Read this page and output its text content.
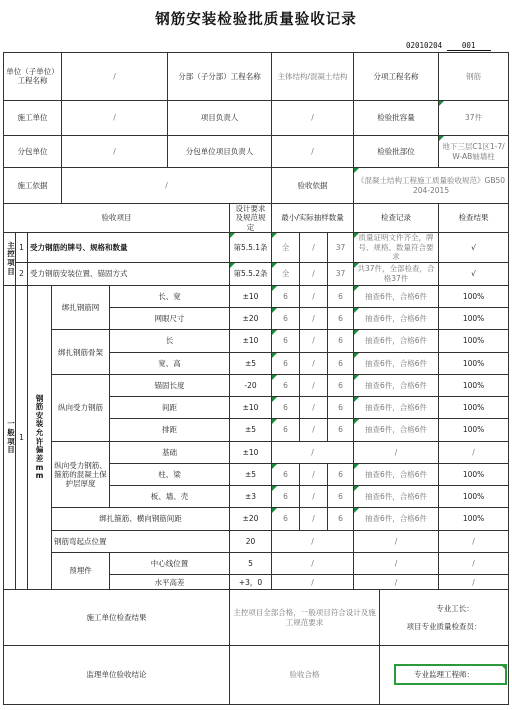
钢筋安装检验批质量验收记录
02010204	001
单位（子单位）工程名称				/		分部（子分部）工程名称		主体结构/混凝土结构			分项工程名称		钢筋
施工单位				/		项目负责人		/			检验批容量		37件
分包单位				/		分包单位项目负责人		/			检验批部位		地下三层C1区1-7/W-AB轴墙柱
施工依据				/				验收依据			《混凝土结构工程施工质量验收规范》GB50204-2015		
验收项目							设计要求及规范规定	最小/实际抽样数量			检查记录		检查结果
主控项目	1	受力钢筋的牌号、规格和数量					第5.5.1条	全	/	37	质量证明文件齐全，牌号、规格、数量符合要求		√
	2	受力钢筋安装位置、锚固方式					第5.5.2条	全	/	37	共37件，全部检查，合格37件		√
一般项目	1	钢筋安装允许偏差mm	绑扎钢筋网		长、宽		±10	6	/	6	抽查6件，合格6件		100%
					网眼尺寸		±20	6	/	6	抽查6件，合格6件		100%
			绑扎钢筋骨架		长		±10	6	/	6	抽查6件，合格6件		100%
					宽、高		±5	6	/	6	抽查6件，合格6件		100%
			纵向受力钢筋		锚固长度		-20	6	/	6	抽查6件，合格6件		100%
					间距		±10	6	/	6	抽查6件，合格6件		100%
					排距		±5	6	/	6	抽查6件，合格6件		100%
			纵向受力钢筋、箍筋的混凝土保护层厚度		基础		±10	/			/		/
					柱、梁		±5	6	/	6	抽查6件，合格6件		100%
					板、墙、壳		±3	6	/	6	抽查6件，合格6件		100%
			绑扎箍筋、横向钢筋间距				±20	6	/	6	抽查6件，合格6件		100%
			钢筋弯起点位置				20	/			/		/
			预埋件		中心线位置		5	/			/		/
					水平高差		+3，0	/			/		/
施工单位检查结果							主控项目全部合格，一般项目符合设计及施工规范要求					专业工长：
项目专业质量检查员：	

监理单位验收结论							验收合格					专业监理工程师：	
